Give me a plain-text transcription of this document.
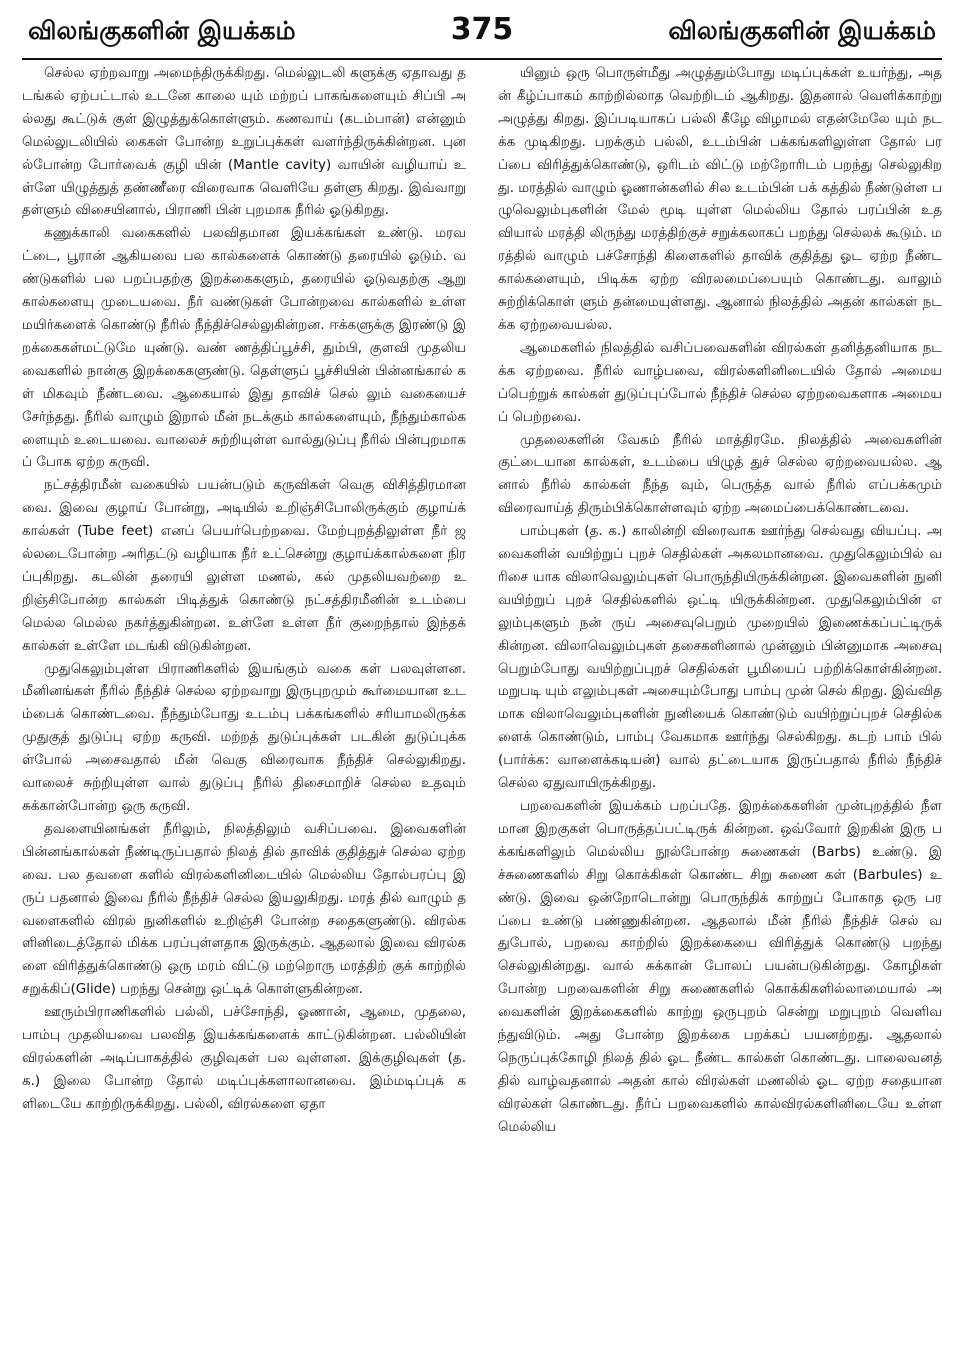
விலங்குகளின் இயக்கம்	375	விலங்குகளின் இயக்கம்

செல்ல ஏற்றவாறு அமைந்திருக்கிறது. மெல்லுடலி களுக்கு ஏதாவது தடங்கல் ஏற்பட்டால் உடனே காலை யும் மற்றப் பாகங்களையும் சிப்பி அல்லது கூட்டுக் குள் இழுத்துக்கொள்ளும். கணவாய் (கடம்பான்) என்னும் மெல்லுடலியில் கைகள் போன்ற உறுப்புக்கள் வளர்ந்திருக்கின்றன. புனல்போன்ற போர்வைக் குழி யின் (Mantle cavity) வாயின் வழியாய் உள்ளே யிழுத்துத் தண்ணீரை விரைவாக வெளியே தள்ளு கிறது. இவ்வாறு தள்ளும் விசையினால், பிராணி பின் புறமாக நீரில் ஓடுகிறது.

கணுக்காலி வகைகளில் பலவிதமான இயக்கங்கள் உண்டு. மரவட்டை, பூரான் ஆகியவை பல கால்களைக் கொண்டு தரையில் ஓடும். வண்டுகளில் பல பறப்பதற்கு இறக்கைகளும், தரையில் ஓடுவதற்கு ஆறு கால்களையு முடையவை. நீர் வண்டுகள் போன்றவை கால்களில் உள்ள மயிர்களைக் கொண்டு நீரில் நீந்திச்செல்லுகின்றன. ஈக்களுக்கு இரண்டு இறக்கைகள்மட்டுமே யுண்டு. வண் ணத்திப்பூச்சி, தும்பி, குளவி முதலியவைகளில் நான்கு இறக்கைகளுண்டு. தெள்ளுப் பூச்சியின் பின்னங்கால் கள் மிகவும் நீண்டவை. ஆகையால் இது தாவிச் செல் லும் வகையைச் சேர்ந்தது. நீரில் வாழும் இறால் மீன் நடக்கும் கால்களையும், நீந்தும்கால்களையும் உடையவை. வாலைச் சுற்றியுள்ள வால்துடுப்பு நீரில் பின்புறமாகப் போக ஏற்ற கருவி.

நட்சத்திரமீன் வகையில் பயன்படும் கருவிகள் வெகு விசித்திரமானவை. இவை குழாய் போன்று, அடியில் உறிஞ்சிபோலிருக்கும் குழாய்க் கால்கள் (Tube feet) எனப் பெயர்பெற்றவை. மேற்புறத்திலுள்ள நீர் ஜல்லடைபோன்ற அரிதட்டு வழியாக நீர் உட்சென்று குழாய்க்கால்களை நிரப்புகிறது. கடலின் தரையி லுள்ள மணல், கல் முதலியவற்றை உறிஞ்சிபோன்ற கால்கள் பிடித்துக் கொண்டு நட்சத்திரமீனின் உடம்பை மெல்ல மெல்ல நகர்த்துகின்றன. உள்ளே உள்ள நீர் குறைந்தால் இந்தக் கால்கள் உள்ளே மடங்கி விடுகின்றன.

முதுகெலும்புள்ள பிராணிகளில் இயங்கும் வகை கள் பலவுள்ளன. மீனினங்கள் நீரில் நீந்திச் செல்ல ஏற்றவாறு இருபுறமும் கூர்மையான உடம்பைக் கொண்டவை. நீந்தும்போது உடம்பு பக்கங்களில் சரியாமலிருக்க முதுகுத் துடுப்பு ஏற்ற கருவி. மற்றத் துடுப்புக்கள் படகின் துடுப்புக்கள்போல் அசைவதால் மீன் வெகு விரைவாக நீந்திச் செல்லுகிறது. வாலைச் சுற்றியுள்ள வால் துடுப்பு நீரில் திசைமாறிச் செல்ல உதவும் சுக்கான்போன்ற ஒரு கருவி.

தவளையினங்கள் நீரிலும், நிலத்திலும் வசிப்பவை. இவைகளின் பின்னங்கால்கள் நீண்டிருப்பதால் நிலத் தில் தாவிக் குதித்துச் செல்ல ஏற்றவை. பல தவளை களில் விரல்களினிடையில் மெல்லிய தோல்பரப்பு இருப் பதனால் இவை நீரில் நீந்திச் செல்ல இயலுகிறது. மரத் தில் வாழும் தவளைகளில் விரல் நுனிகளில் உறிஞ்சி போன்ற சதைகளுண்டு. விரல்களினிடைத்தோல் மிக்க பரப்புள்ளதாக இருக்கும். ஆதலால் இவை விரல்களை விரித்துக்கொண்டு ஒரு மரம் விட்டு மற்றொரு மரத்திற் குக் காற்றில் சறுக்கிப்(Glide) பறந்து சென்று ஒட்டிக் கொள்ளுகின்றன.

ஊரும்பிராணிகளில் பல்லி, பச்சோந்தி, ஓணான், ஆமை, முதலை, பாம்பு முதலியவை பலவித இயக்கங்களைக் காட்டுகின்றன. பல்லியின் விரல்களின் அடிப்பாகத்தில் குழிவுகள் பல வுள்ளன. இக்குழிவுகள் (த. க.) இலை போன்ற தோல் மடிப்புக்களாலானவை. இம்மடிப்புக் களிடையே காற்றிருக்கிறது. பல்லி, விரல்களை ஏதா

யினும் ஒரு பொருள்மீது அழுத்தும்போது மடிப்புக்கள் உயர்ந்து, அதன் கீழ்ப்பாகம் காற்றில்லாத வெற்றிடம் ஆகிறது. இதனால் வெளிக்காற்று அழுத்து கிறது. இப்படியாகப் பல்லி கீழே விழாமல் எதன்மேலே யும் நடக்க முடிகிறது. பறக்கும் பல்லி, உடம்பின் பக்கங்களிலுள்ள தோல் பரப்பை விரித்துக்கொண்டு, ஒரிடம் விட்டு மற்றோரிடம் பறந்து செல்லுகிறது. மரத்தில் வாழும் ஓணான்களில் சில உடம்பின் பக் கத்தில் நீண்டுள்ள பழுவெலும்புகளின் மேல் மூடி யுள்ள மெல்லிய தோல் பரப்பின் உதவியால் மரத்தி லிருந்து மரத்திற்குச் சறுக்கலாகப் பறந்து செல்லக் கூடும். மரத்தில் வாழும் பச்சோந்தி கிளைகளில் தாவிக் குதித்து ஓட ஏற்ற நீண்ட கால்களையும், பிடிக்க ஏற்ற விரலமைப்பையும் கொண்டது. வாலும் சுற்றிக்கொள் ளும் தன்மையுள்ளது. ஆனால் நிலத்தில் அதன் கால்கள் நடக்க ஏற்றவையல்ல.

ஆமைகளில் நிலத்தில் வசிப்பவைகளின் விரல்கள் தனித்தனியாக நடக்க ஏற்றவை. நீரில் வாழ்பவை, விரல்களினிடையில் தோல் அமையப்பெற்றுக் கால்கள் துடுப்புப்போல் நீந்திச் செல்ல ஏற்றவைகளாக அமையப் பெற்றவை.

முதலைகளின் வேகம் நீரில் மாத்திரமே. நிலத்தில் அவைகளின் குட்டையான கால்கள், உடம்பை யிழுத் துச் செல்ல ஏற்றவையல்ல. ஆனால் நீரில் கால்கள் நீந்த வும், பெருத்த வால் நீரில் எப்பக்கமும் விரைவாய்த் திரும்பிக்கொள்ளவும் ஏற்ற அமைப்பைக்கொண்டவை.

பாம்புகள் (த. க.) காலின்றி விரைவாக ஊர்ந்து செல்வது வியப்பு. அவைகளின் வயிற்றுப் புறச் செதில்கள் அகலமானவை. முதுகெலும்பில் வரிசை யாக விலாவெலும்புகள் பொருந்தியிருக்கின்றன. இவைகளின் நுனி வயிற்றுப் புறச் செதில்களில் ஒட்டி யிருக்கின்றன. முதுகெலும்பின் எலும்புகளும் நன் ருய் அசைவுபெறும் முறையில் இணைக்கப்பட்டிருக் கின்றன. விலாவெலும்புகள் தசைகளினால் முன்னும் பின்னுமாக அசைவு பெறும்போது வயிற்றுப்புறச் செதில்கள் பூமியைப் பற்றிக்கொள்கின்றன. மறுபடி யும் எலும்புகள் அசையும்போது பாம்பு முன் செல் கிறது. இவ்விதமாக விலாவெலும்புகளின் நுனியைக் கொண்டும் வயிற்றுப்புறச் செதில்களைக் கொண்டும், பாம்பு வேகமாக ஊர்ந்து செல்கிறது. கடற் பாம் பில் (பார்க்க: வாளைக்கடியன்) வால் தட்டையாக இருப்பதால் நீரில் நீந்திச் செல்ல ஏதுவாயிருக்கிறது.

பறவைகளின் இயக்கம் பறப்பதே. இறக்கைகளின் முன்புறத்தில் நீளமான இறகுகள் பொருத்தப்பட்டிருக் கின்றன. ஒவ்வோர் இறகின் இரு பக்கங்களிலும் மெல்லிய நூல்போன்ற சுணைகள் (Barbs) உண்டு. இச்சுணைகளில் சிறு கொக்கிகள் கொண்ட சிறு சுணை கள் (Barbules) உண்டு. இவை ஒன்றோடொன்று பொருந்திக் காற்றுப் போகாத ஒரு பரப்பை உண்டு பண்ணுகின்றன. ஆதலால் மீன் நீரில் நீந்திச் செல் வதுபோல், பறவை காற்றில் இறக்கையை விரித்துக் கொண்டு பறந்து செல்லுகின்றது. வால் சுக்கான் போலப் பயன்படுகின்றது. கோழிகள் போன்ற பறவைகளின் சிறு சுணைகளில் கொக்கிகளில்லாமையால் அவைகளின் இறக்கைகளில் காற்று ஒருபுறம் சென்று மறுபுறம் வெளிவந்துவிடும். அது போன்ற இறக்கை பறக்கப் பயனற்றது. ஆதலால் நெருப்புக்கோழி நிலத் தில் ஓட நீண்ட கால்கள் கொண்டது. பாலைவனத் தில் வாழ்வதனால் அதன் கால் விரல்கள் மணலில் ஓட ஏற்ற சதையான விரல்கள் கொண்டது. நீர்ப் பறவைகளில் கால்விரல்களினிடையே உள்ள மெல்லிய
